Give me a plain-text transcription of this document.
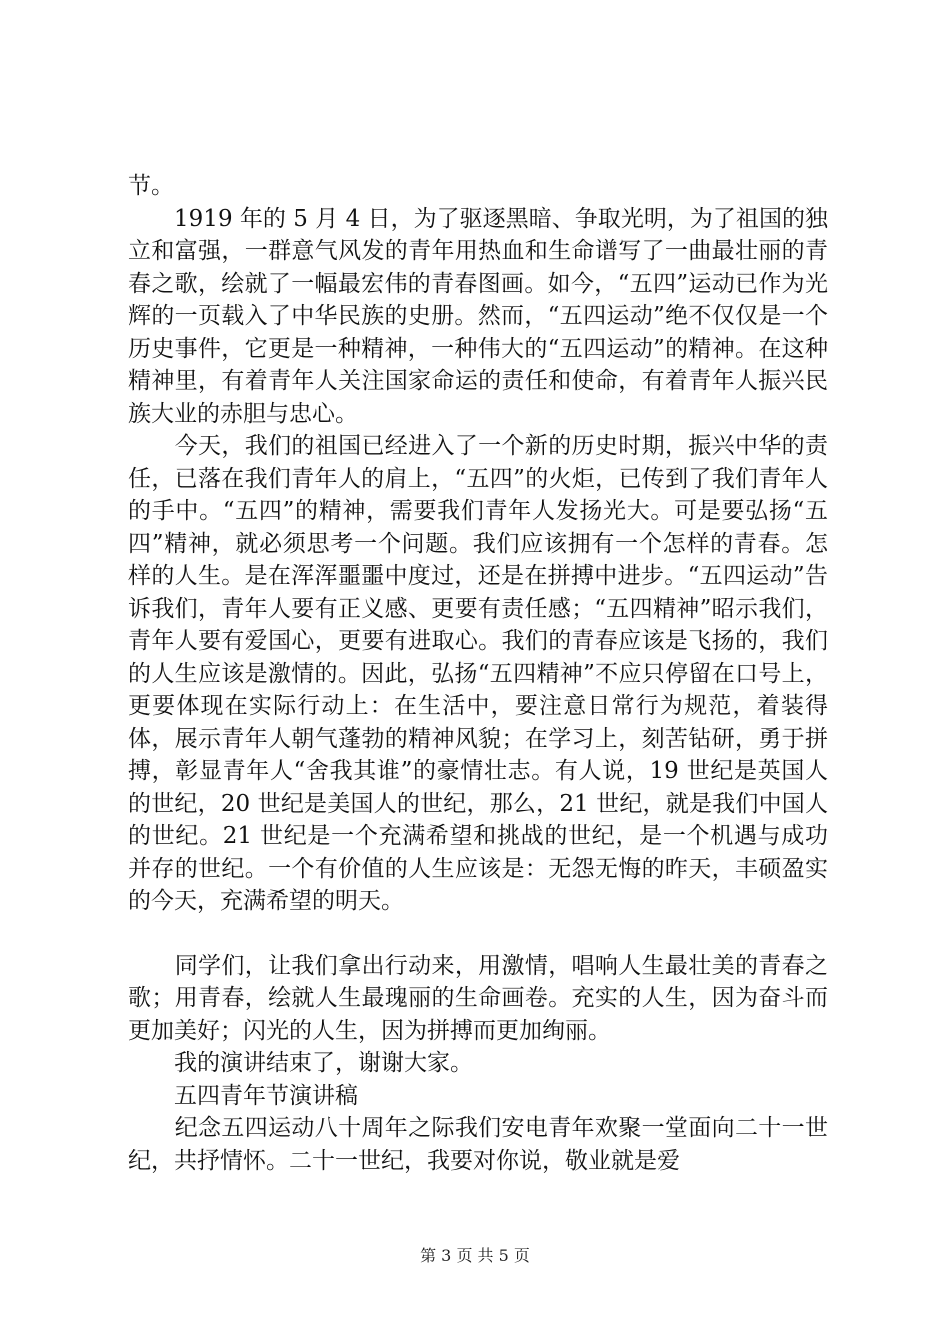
节。

　　1919 年的 5 月 4 日，为了驱逐黑暗、争取光明，为了祖国的独立和富强，一群意气风发的青年用热血和生命谱写了一曲最壮丽的青春之歌，绘就了一幅最宏伟的青春图画。如今，“五四”运动已作为光辉的一页载入了中华民族的史册。然而，“五四运动”绝不仅仅是一个历史事件，它更是一种精神，一种伟大的“五四运动”的精神。在这种精神里，有着青年人关注国家命运的责任和使命，有着青年人振兴民族大业的赤胆与忠心。

　　今天，我们的祖国已经进入了一个新的历史时期，振兴中华的责任，已落在我们青年人的肩上，“五四”的火炬，已传到了我们青年人的手中。“五四”的精神，需要我们青年人发扬光大。可是要弘扬“五四”精神，就必须思考一个问题。我们应该拥有一个怎样的青春。怎样的人生。是在浑浑噩噩中度过，还是在拼搏中进步。“五四运动”告诉我们，青年人要有正义感、更要有责任感；“五四精神”昭示我们，青年人要有爱国心，更要有进取心。我们的青春应该是飞扬的，我们的人生应该是激情的。因此，弘扬“五四精神”不应只停留在口号上，更要体现在实际行动上：在生活中，要注意日常行为规范，着装得体，展示青年人朝气蓬勃的精神风貌；在学习上，刻苦钻研，勇于拼搏，彰显青年人“舍我其谁”的豪情壮志。有人说，19 世纪是英国人的世纪，20 世纪是美国人的世纪，那么，21 世纪，就是我们中国人的世纪。21 世纪是一个充满希望和挑战的世纪，是一个机遇与成功并存的世纪。一个有价值的人生应该是：无怨无悔的昨天，丰硕盈实的今天，充满希望的明天。

　　同学们，让我们拿出行动来，用激情，唱响人生最壮美的青春之歌；用青春，绘就人生最瑰丽的生命画卷。充实的人生，因为奋斗而更加美好；闪光的人生，因为拼搏而更加绚丽。

　　我的演讲结束了，谢谢大家。

　　五四青年节演讲稿

　　纪念五四运动八十周年之际我们安电青年欢聚一堂面向二十一世纪，共抒情怀。二十一世纪，我要对你说，敬业就是爱

第 3 页 共 5 页
